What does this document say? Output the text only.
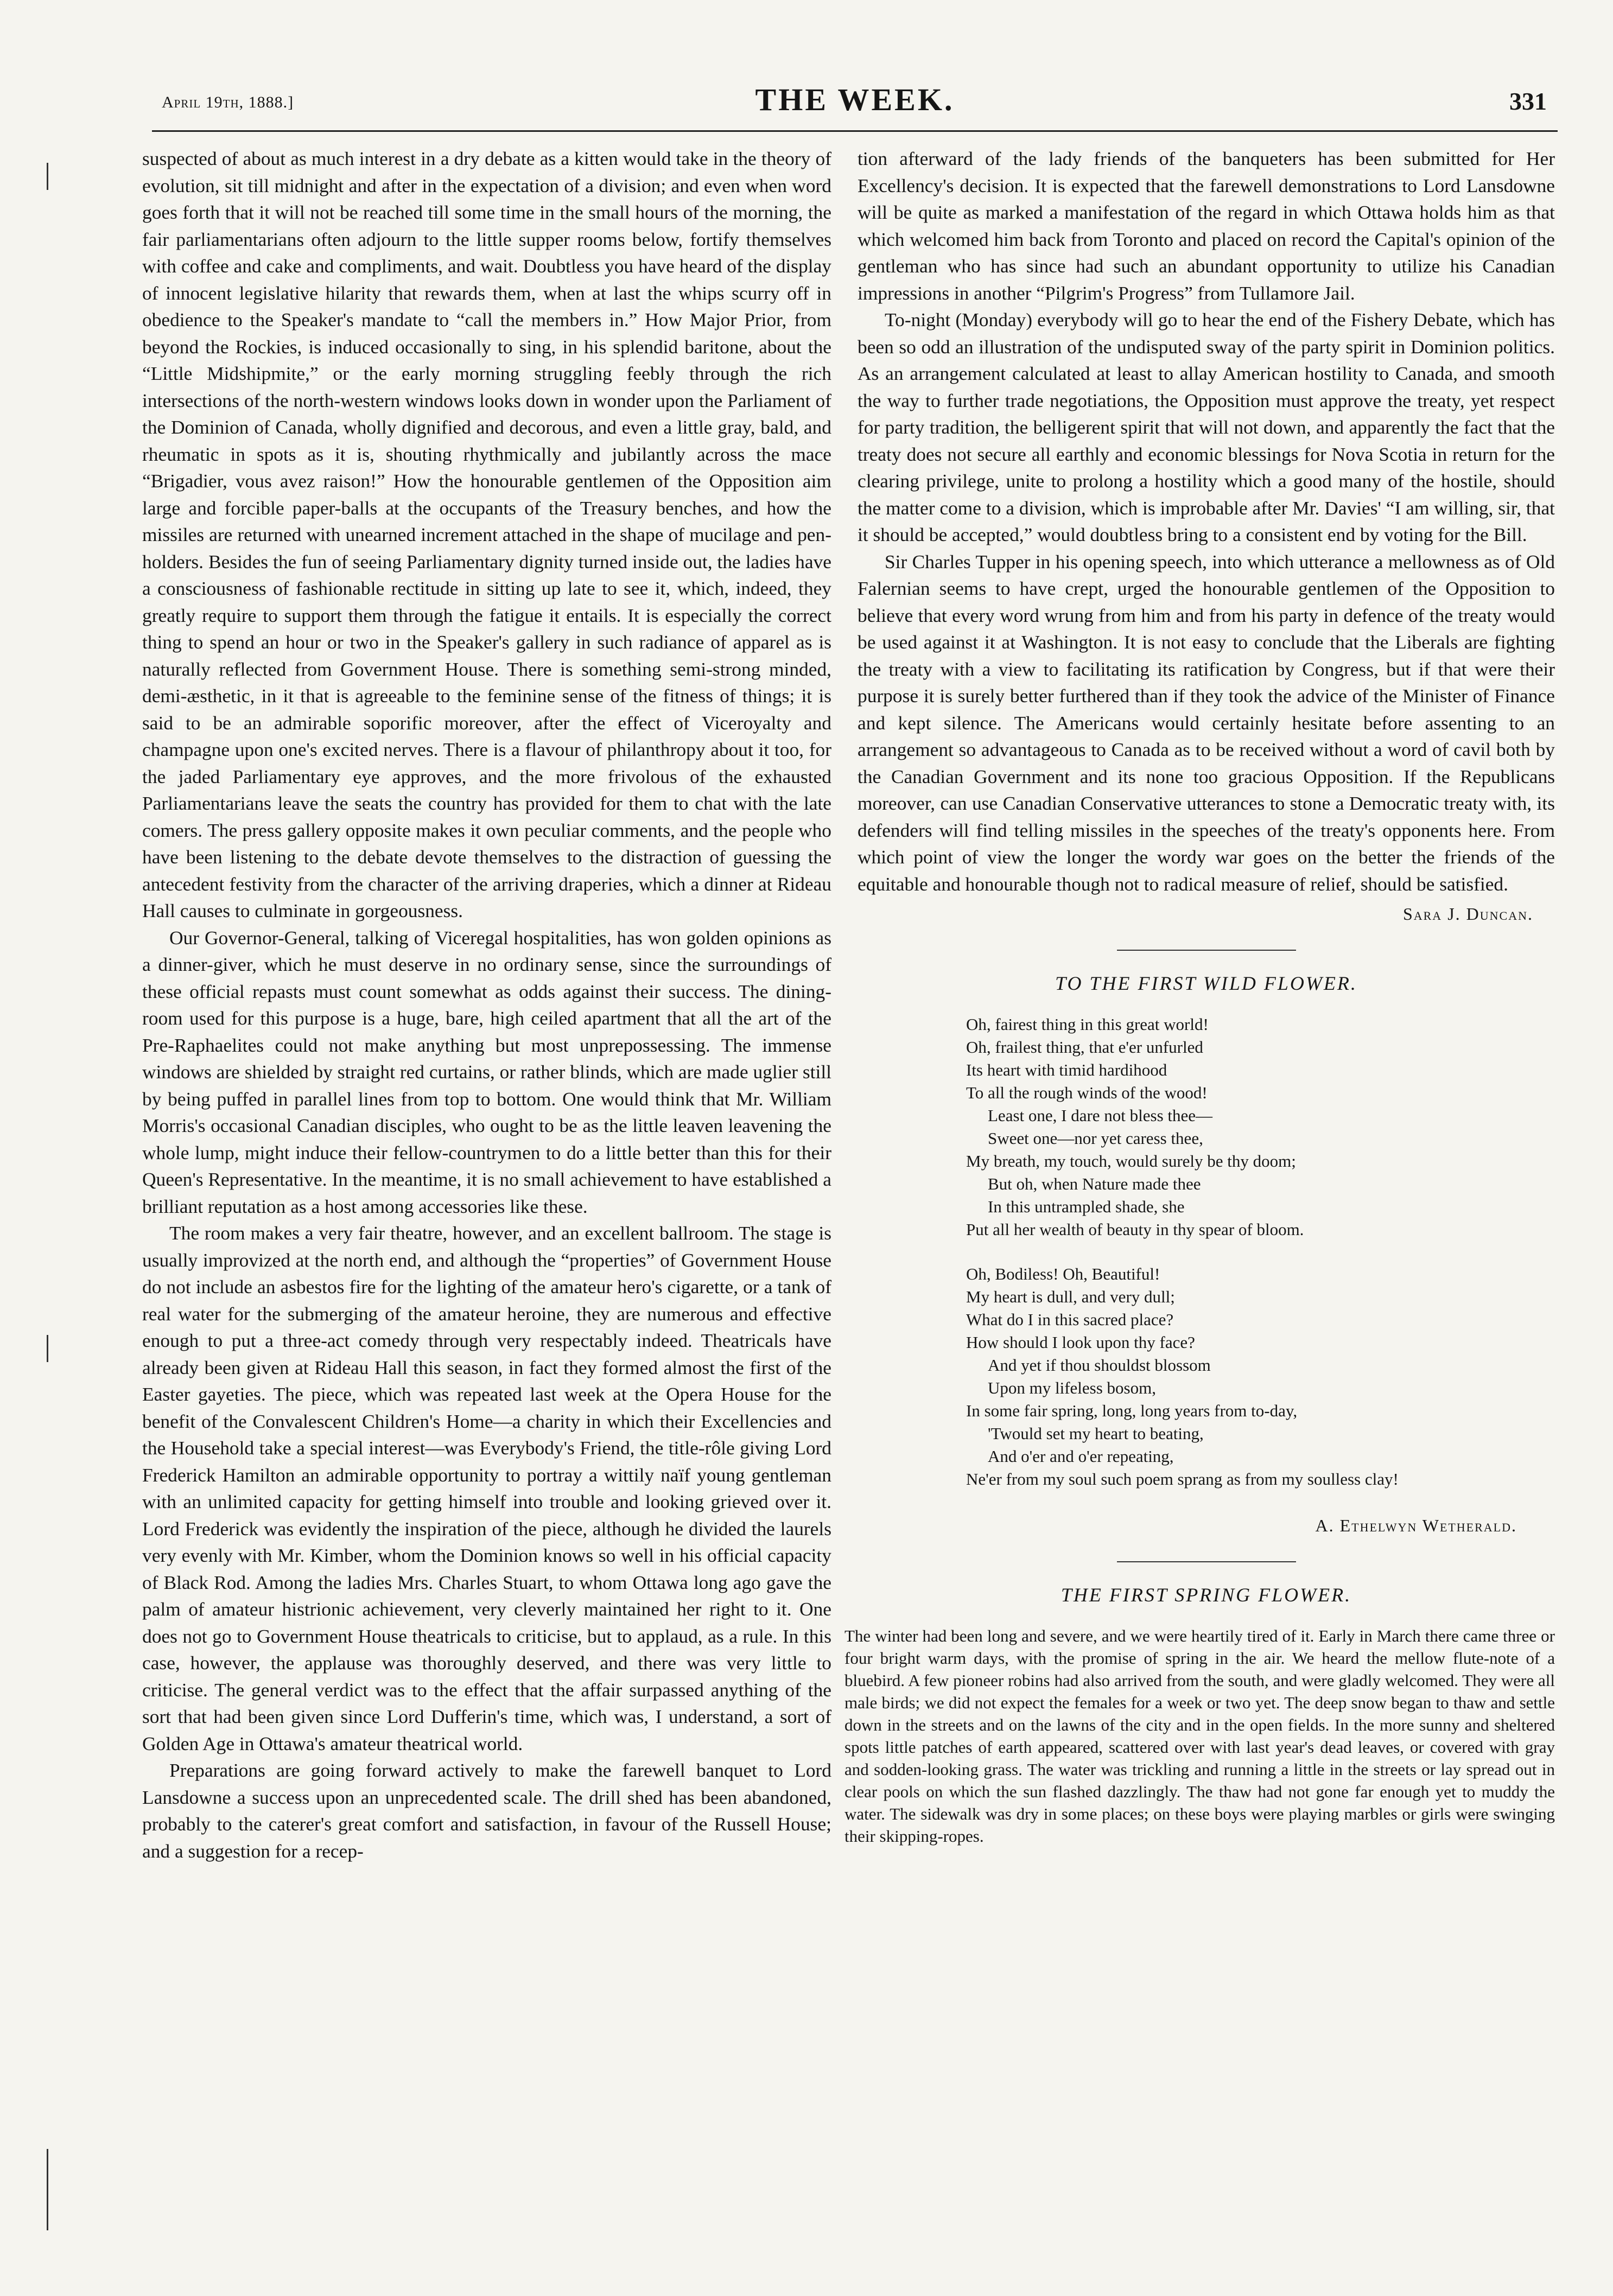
April 19th, 1888.]	THE WEEK.	331

suspected of about as much interest in a dry debate as a kitten would take in the theory of evolution, sit till midnight and after in the expectation of a division; and even when word goes forth that it will not be reached till some time in the small hours of the morning, the fair parliamentarians often adjourn to the little supper rooms below, fortify themselves with coffee and cake and compliments, and wait. Doubtless you have heard of the display of innocent legislative hilarity that rewards them, when at last the whips scurry off in obedience to the Speaker's mandate to “call the members in.” How Major Prior, from beyond the Rockies, is induced occasionally to sing, in his splendid baritone, about the “Little Midshipmite,” or the early morning struggling feebly through the rich intersections of the north-western windows looks down in wonder upon the Parliament of the Dominion of Canada, wholly dignified and decorous, and even a little gray, bald, and rheumatic in spots as it is, shouting rhythmically and jubilantly across the mace “Brigadier, vous avez raison!” How the honourable gentlemen of the Opposition aim large and forcible paper-balls at the occupants of the Treasury benches, and how the missiles are returned with unearned increment attached in the shape of mucilage and pen-holders. Besides the fun of seeing Parliamentary dignity turned inside out, the ladies have a consciousness of fashionable rectitude in sitting up late to see it, which, indeed, they greatly require to support them through the fatigue it entails. It is especially the correct thing to spend an hour or two in the Speaker's gallery in such radiance of apparel as is naturally reflected from Government House. There is something semi-strong minded, demi-æsthetic, in it that is agreeable to the feminine sense of the fitness of things; it is said to be an admirable soporific moreover, after the effect of Viceroyalty and champagne upon one's excited nerves. There is a flavour of philanthropy about it too, for the jaded Parliamentary eye approves, and the more frivolous of the exhausted Parliamentarians leave the seats the country has provided for them to chat with the late comers. The press gallery opposite makes it own peculiar comments, and the people who have been listening to the debate devote themselves to the distraction of guessing the antecedent festivity from the character of the arriving draperies, which a dinner at Rideau Hall causes to culminate in gorgeousness.

Our Governor-General, talking of Viceregal hospitalities, has won golden opinions as a dinner-giver, which he must deserve in no ordinary sense, since the surroundings of these official repasts must count somewhat as odds against their success. The dining-room used for this purpose is a huge, bare, high ceiled apartment that all the art of the Pre-Raphaelites could not make anything but most unprepossessing. The immense windows are shielded by straight red curtains, or rather blinds, which are made uglier still by being puffed in parallel lines from top to bottom. One would think that Mr. William Morris's occasional Canadian disciples, who ought to be as the little leaven leavening the whole lump, might induce their fellow-countrymen to do a little better than this for their Queen's Representative. In the meantime, it is no small achievement to have established a brilliant reputation as a host among accessories like these.

The room makes a very fair theatre, however, and an excellent ballroom. The stage is usually improvized at the north end, and although the “properties” of Government House do not include an asbestos fire for the lighting of the amateur hero's cigarette, or a tank of real water for the submerging of the amateur heroine, they are numerous and effective enough to put a three-act comedy through very respectably indeed. Theatricals have already been given at Rideau Hall this season, in fact they formed almost the first of the Easter gayeties. The piece, which was repeated last week at the Opera House for the benefit of the Convalescent Children's Home—a charity in which their Excellencies and the Household take a special interest—was Everybody's Friend, the title-rôle giving Lord Frederick Hamilton an admirable opportunity to portray a wittily naïf young gentleman with an unlimited capacity for getting himself into trouble and looking grieved over it. Lord Frederick was evidently the inspiration of the piece, although he divided the laurels very evenly with Mr. Kimber, whom the Dominion knows so well in his official capacity of Black Rod. Among the ladies Mrs. Charles Stuart, to whom Ottawa long ago gave the palm of amateur histrionic achievement, very cleverly maintained her right to it. One does not go to Government House theatricals to criticise, but to applaud, as a rule. In this case, however, the applause was thoroughly deserved, and there was very little to criticise. The general verdict was to the effect that the affair surpassed anything of the sort that had been given since Lord Dufferin's time, which was, I understand, a sort of Golden Age in Ottawa's amateur theatrical world.

Preparations are going forward actively to make the farewell banquet to Lord Lansdowne a success upon an unprecedented scale. The drill shed has been abandoned, probably to the caterer's great comfort and satisfaction, in favour of the Russell House; and a suggestion for a recep-

tion afterward of the lady friends of the banqueters has been submitted for Her Excellency's decision. It is expected that the farewell demonstrations to Lord Lansdowne will be quite as marked a manifestation of the regard in which Ottawa holds him as that which welcomed him back from Toronto and placed on record the Capital's opinion of the gentleman who has since had such an abundant opportunity to utilize his Canadian impressions in another “Pilgrim's Progress” from Tullamore Jail.

To-night (Monday) everybody will go to hear the end of the Fishery Debate, which has been so odd an illustration of the undisputed sway of the party spirit in Dominion politics. As an arrangement calculated at least to allay American hostility to Canada, and smooth the way to further trade negotiations, the Opposition must approve the treaty, yet respect for party tradition, the belligerent spirit that will not down, and apparently the fact that the treaty does not secure all earthly and economic blessings for Nova Scotia in return for the clearing privilege, unite to prolong a hostility which a good many of the hostile, should the matter come to a division, which is improbable after Mr. Davies' “I am willing, sir, that it should be accepted,” would doubtless bring to a consistent end by voting for the Bill.

Sir Charles Tupper in his opening speech, into which utterance a mellowness as of Old Falernian seems to have crept, urged the honourable gentlemen of the Opposition to believe that every word wrung from him and from his party in defence of the treaty would be used against it at Washington. It is not easy to conclude that the Liberals are fighting the treaty with a view to facilitating its ratification by Congress, but if that were their purpose it is surely better furthered than if they took the advice of the Minister of Finance and kept silence. The Americans would certainly hesitate before assenting to an arrangement so advantageous to Canada as to be received without a word of cavil both by the Canadian Government and its none too gracious Opposition. If the Republicans moreover, can use Canadian Conservative utterances to stone a Democratic treaty with, its defenders will find telling missiles in the speeches of the treaty's opponents here. From which point of view the longer the wordy war goes on the better the friends of the equitable and honourable though not to radical measure of relief, should be satisfied.

Sara J. Duncan.
TO THE FIRST WILD FLOWER.
Oh, fairest thing in this great world!
Oh, frailest thing, that e'er unfurled
Its heart with timid hardihood
To all the rough winds of the wood!
Least one, I dare not bless thee—
Sweet one—nor yet caress thee,
My breath, my touch, would surely be thy doom;
But oh, when Nature made thee
In this untrampled shade, she
Put all her wealth of beauty in thy spear of bloom.
Oh, Bodiless! Oh, Beautiful!
My heart is dull, and very dull;
What do I in this sacred place?
How should I look upon thy face?
And yet if thou shouldst blossom
Upon my lifeless bosom,
In some fair spring, long, long years from to-day,
'Twould set my heart to beating,
And o'er and o'er repeating,
Ne'er from my soul such poem sprang as from my soulless clay!
A. Ethelwyn Wetherald.
THE FIRST SPRING FLOWER.

The winter had been long and severe, and we were heartily tired of it. Early in March there came three or four bright warm days, with the promise of spring in the air. We heard the mellow flute-note of a bluebird. A few pioneer robins had also arrived from the south, and were gladly welcomed. They were all male birds; we did not expect the females for a week or two yet. The deep snow began to thaw and settle down in the streets and on the lawns of the city and in the open fields. In the more sunny and sheltered spots little patches of earth appeared, scattered over with last year's dead leaves, or covered with gray and sodden-looking grass. The water was trickling and running a little in the streets or lay spread out in clear pools on which the sun flashed dazzlingly. The thaw had not gone far enough yet to muddy the water. The sidewalk was dry in some places; on these boys were playing marbles or girls were swinging their skipping-ropes.
